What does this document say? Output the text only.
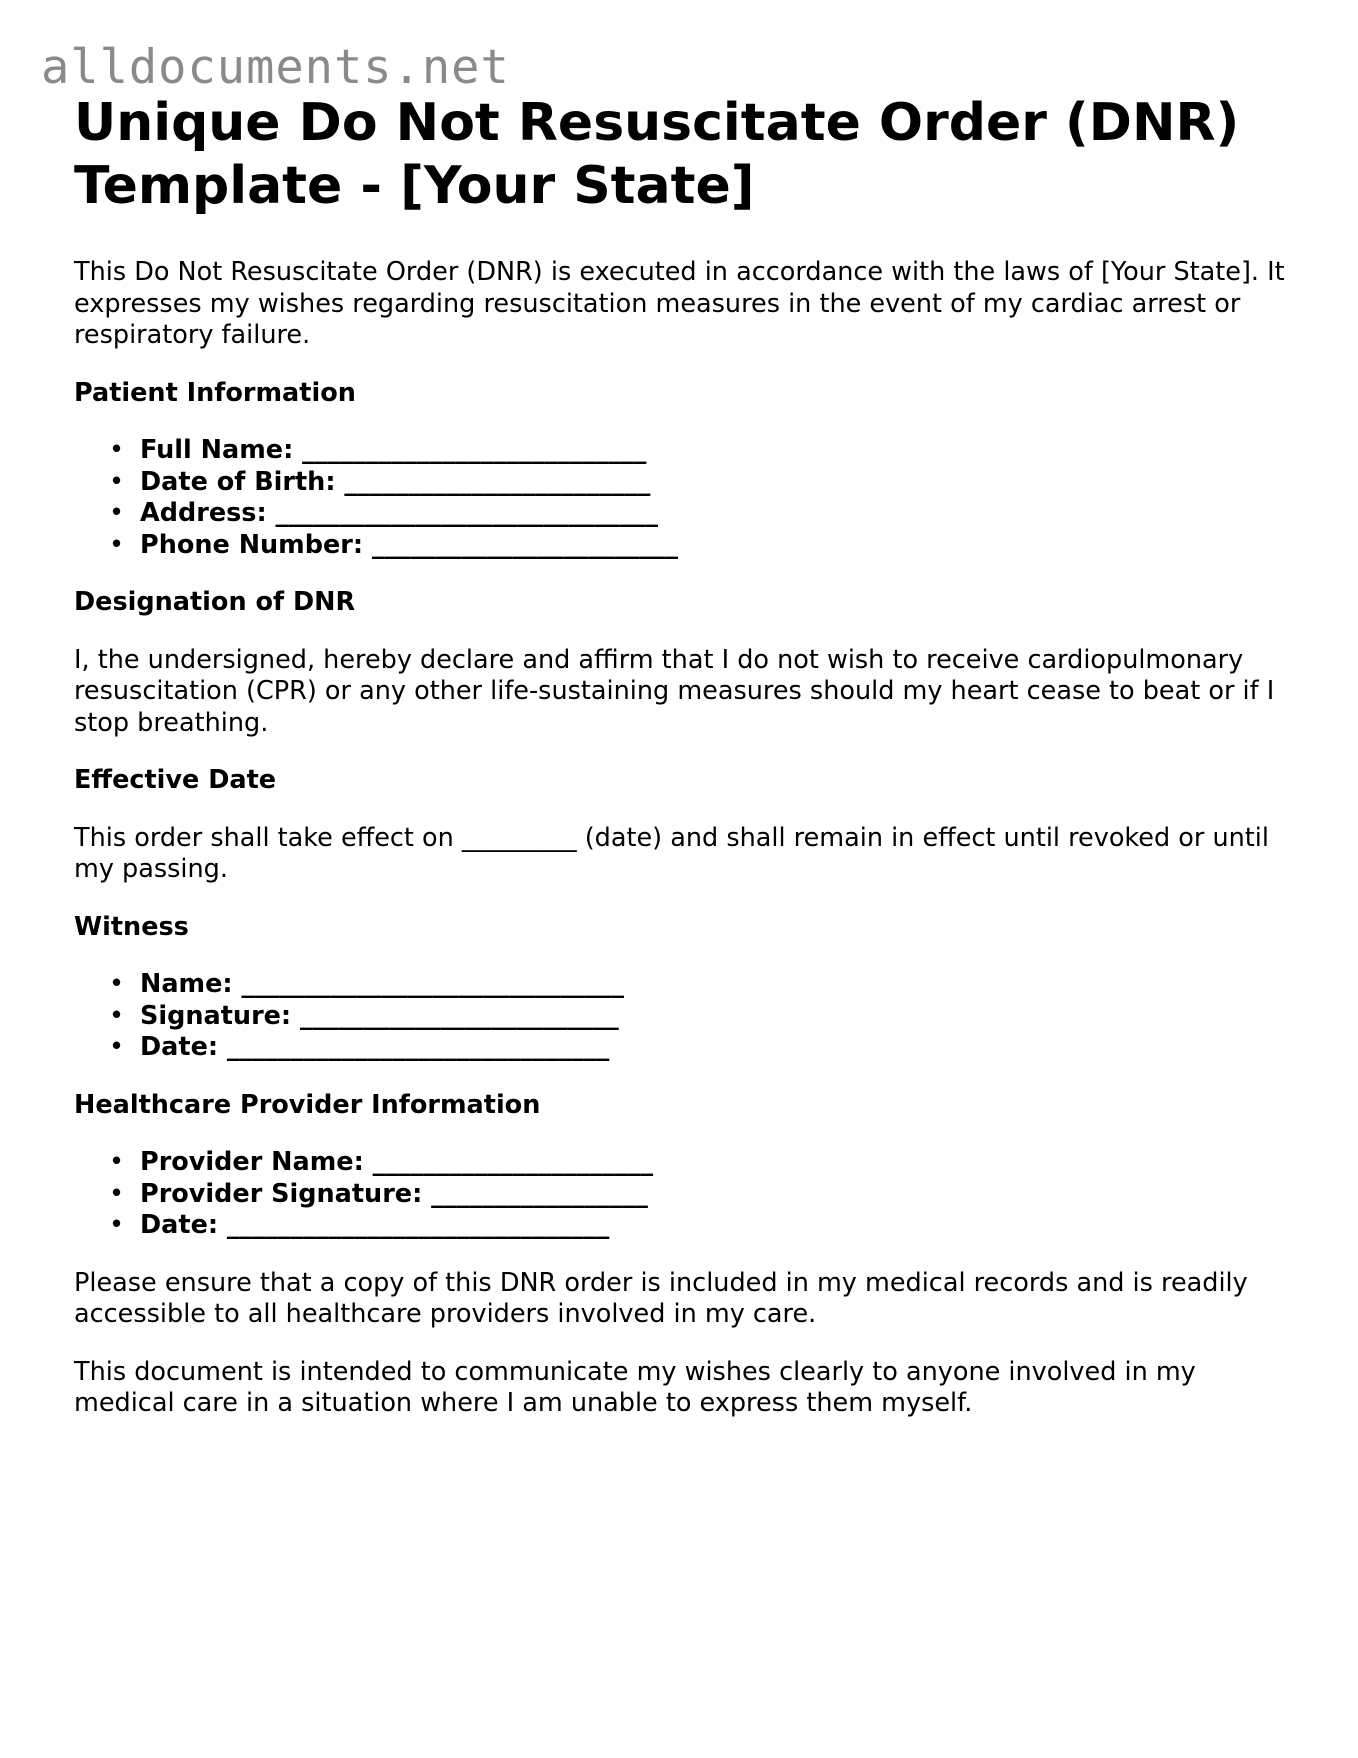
alldocuments.net
Unique Do Not Resuscitate Order (DNR) Template - [Your State]

This Do Not Resuscitate Order (DNR) is executed in accordance with the laws of [Your State]. It expresses my wishes regarding resuscitation measures in the event of my cardiac arrest or respiratory failure.

Patient Information
• Full Name: ___________________________
• Date of Birth: ________________________
• Address: ______________________________
• Phone Number: ________________________
Designation of DNR

I, the undersigned, hereby declare and affirm that I do not wish to receive cardiopulmonary resuscitation (CPR) or any other life-sustaining measures should my heart cease to beat or if I stop breathing.

Effective Date

This order shall take effect on _________ (date) and shall remain in effect until revoked or until my passing.

Witness
• Name: ______________________________
• Signature: _________________________
• Date: ______________________________
Healthcare Provider Information
• Provider Name: ______________________
• Provider Signature: _________________
• Date: ______________________________

Please ensure that a copy of this DNR order is included in my medical records and is readily accessible to all healthcare providers involved in my care.

This document is intended to communicate my wishes clearly to anyone involved in my medical care in a situation where I am unable to express them myself.
